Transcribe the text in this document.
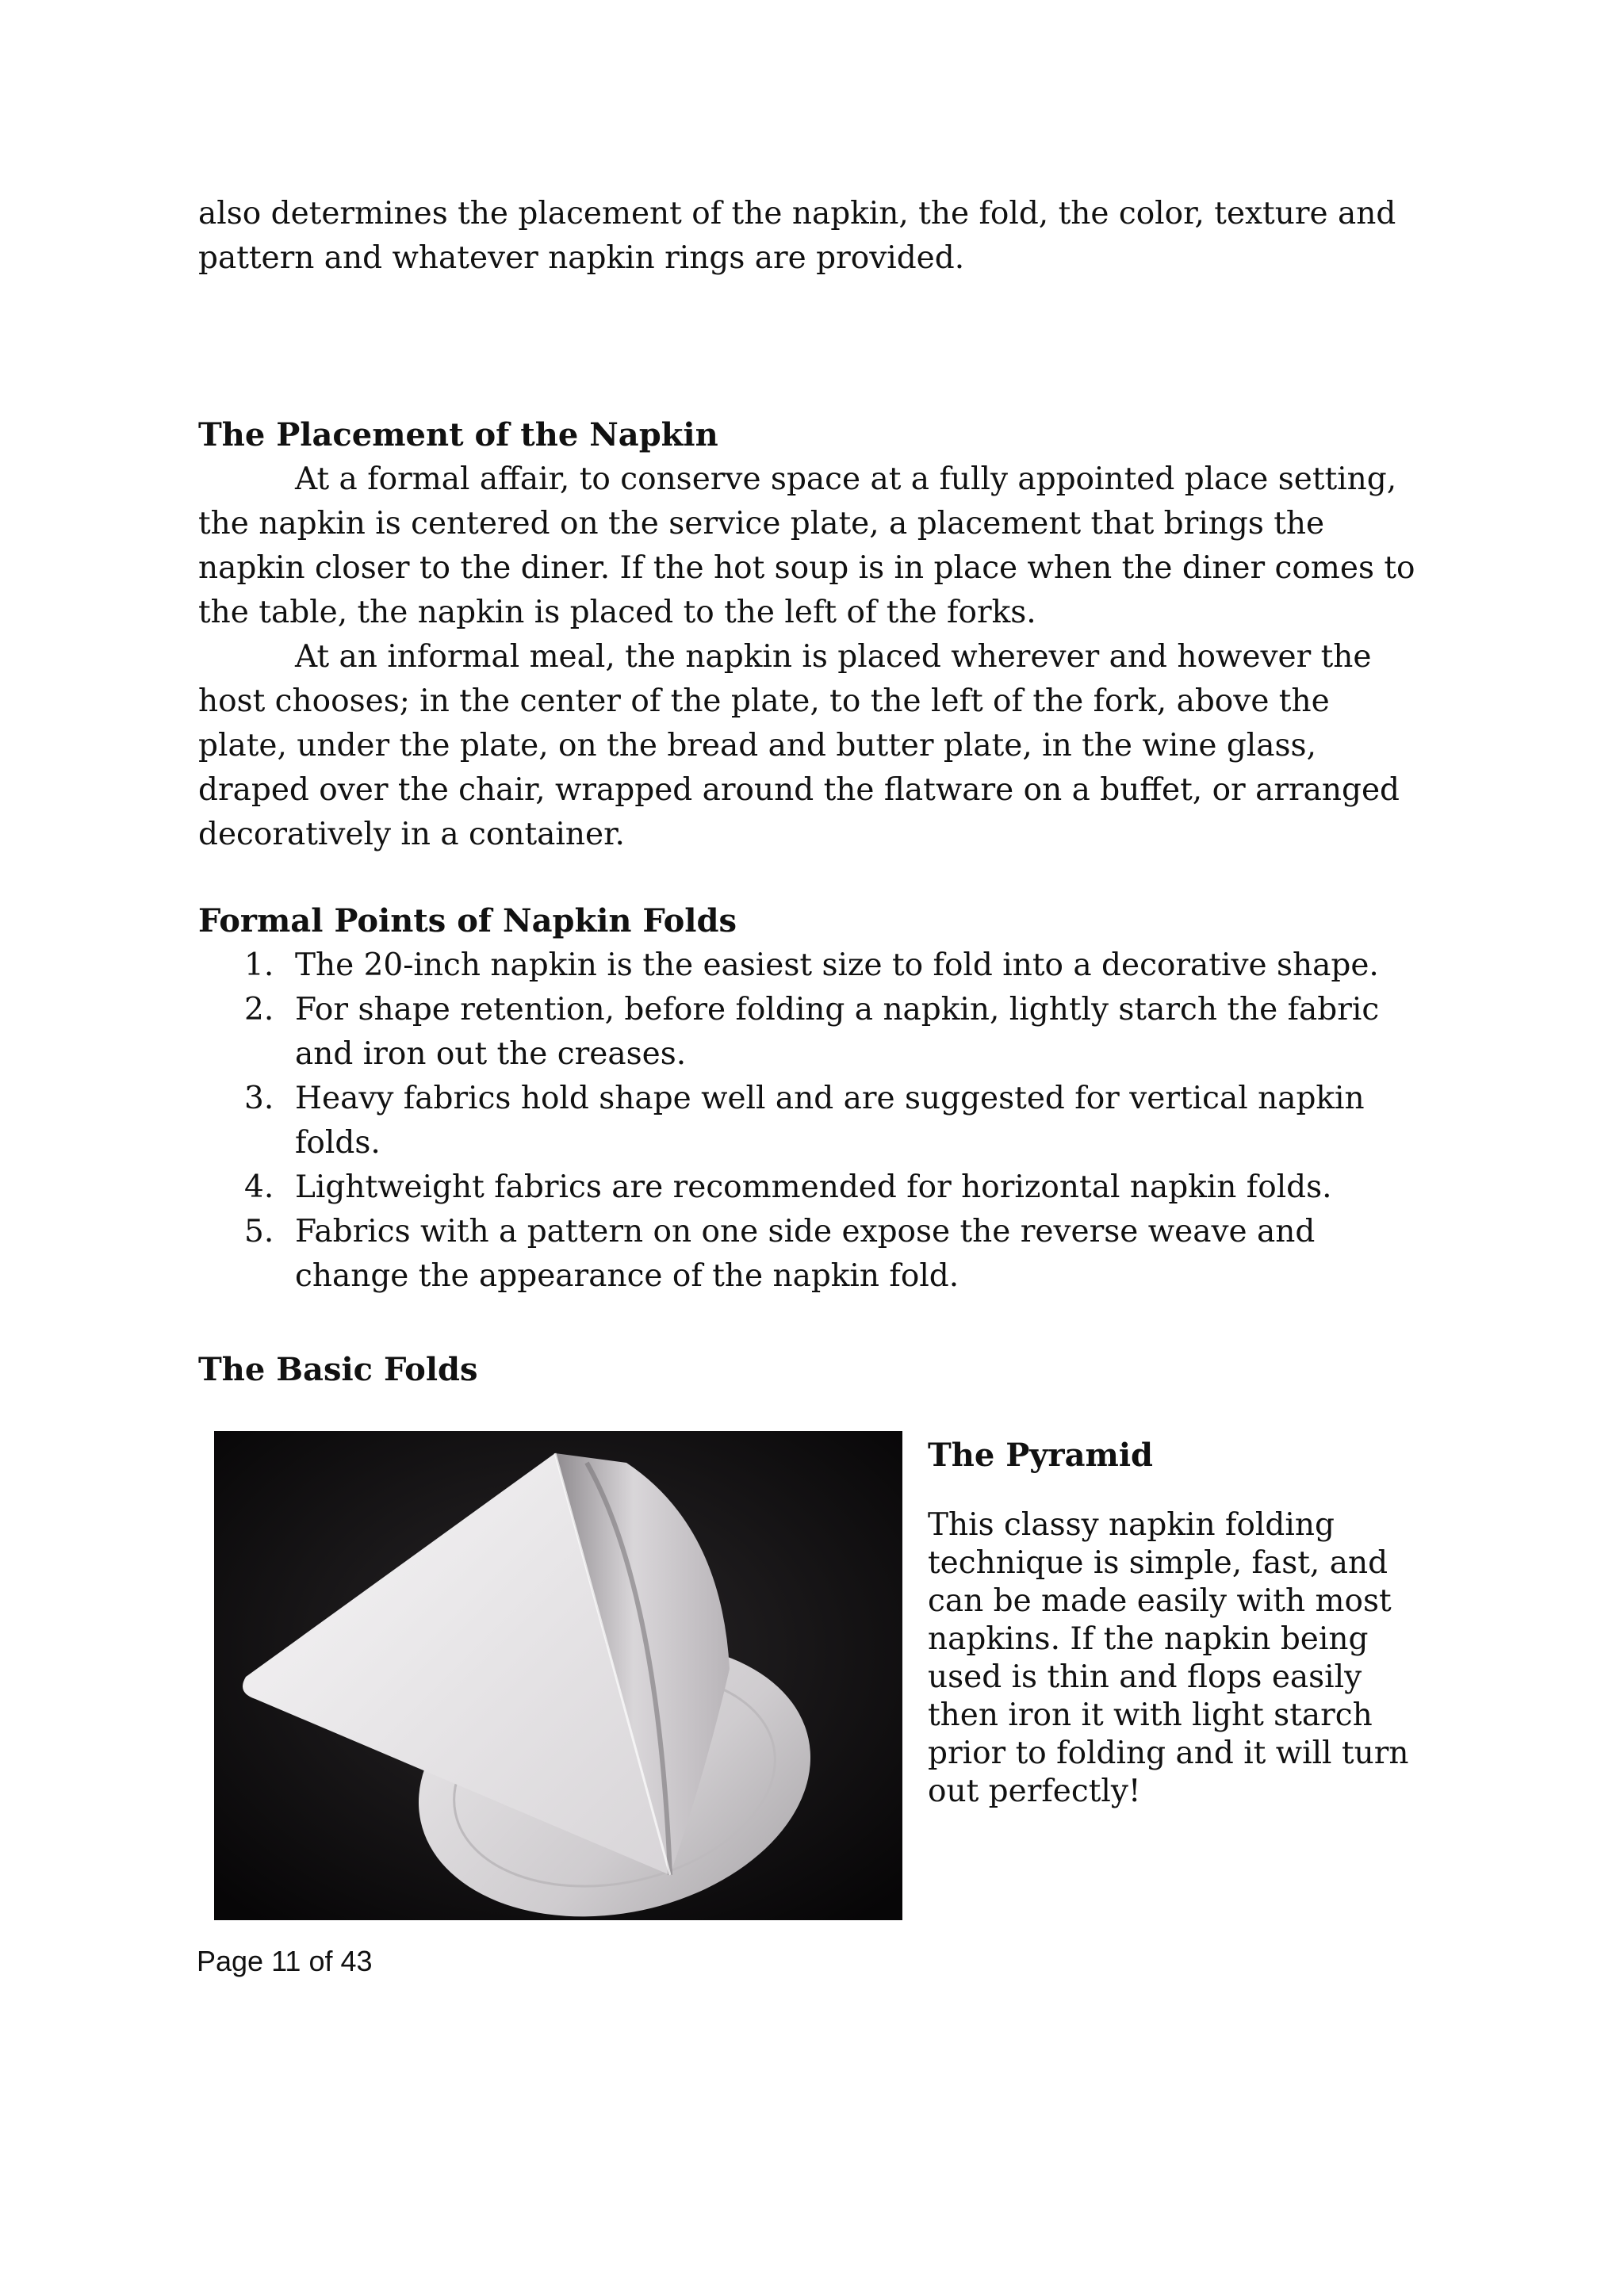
also determines the placement of the napkin, the fold, the color, texture and pattern and whatever napkin rings are provided.

The Placement of the Napkin

At a formal affair, to conserve space at a fully appointed place setting, the napkin is centered on the service plate, a placement that brings the napkin closer to the diner. If the hot soup is in place when the diner comes to the table, the napkin is placed to the left of the forks.

At an informal meal, the napkin is placed wherever and however the host chooses; in the center of the plate, to the left of the fork, above the plate, under the plate, on the bread and butter plate, in the wine glass, draped over the chair, wrapped around the flatware on a buffet, or arranged decoratively in a container.

Formal Points of Napkin Folds

1. The 20-inch napkin is the easiest size to fold into a decorative shape.
2. For shape retention, before folding a napkin, lightly starch the fabric and iron out the creases.
3. Heavy fabrics hold shape well and are suggested for vertical napkin folds.
4. Lightweight fabrics are recommended for horizontal napkin folds.
5. Fabrics with a pattern on one side expose the reverse weave and change the appearance of the napkin fold.

The Basic Folds

The Pyramid

This classy napkin folding technique is simple, fast, and can be made easily with most napkins. If the napkin being used is thin and flops easily then iron it with light starch prior to folding and it will turn out perfectly!

Page 11 of 43
